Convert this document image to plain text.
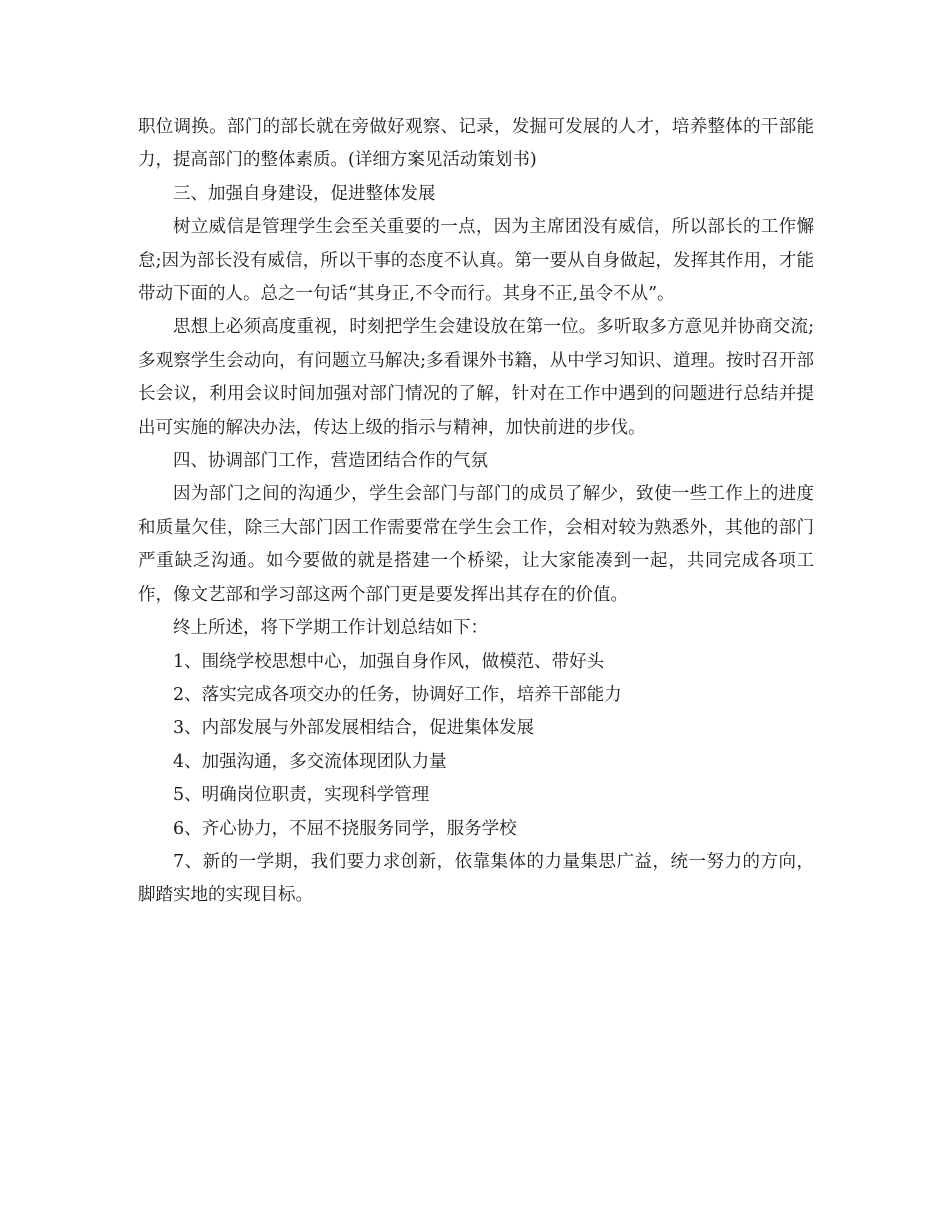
职位调换。部门的部长就在旁做好观察、记录，发掘可发展的人才，培养整体的干部能力，提高部门的整体素质。(详细方案见活动策划书)

三、加强自身建设，促进整体发展

树立威信是管理学生会至关重要的一点，因为主席团没有威信，所以部长的工作懈怠;因为部长没有威信，所以干事的态度不认真。第一要从自身做起，发挥其作用，才能带动下面的人。总之一句话“其身正,不令而行。其身不正,虽令不从”。

思想上必须高度重视，时刻把学生会建设放在第一位。多听取多方意见并协商交流;多观察学生会动向，有问题立马解决;多看课外书籍，从中学习知识、道理。按时召开部长会议，利用会议时间加强对部门情况的了解，针对在工作中遇到的问题进行总结并提出可实施的解决办法，传达上级的指示与精神，加快前进的步伐。

四、协调部门工作，营造团结合作的气氛

因为部门之间的沟通少，学生会部门与部门的成员了解少，致使一些工作上的进度和质量欠佳，除三大部门因工作需要常在学生会工作，会相对较为熟悉外，其他的部门严重缺乏沟通。如今要做的就是搭建一个桥梁，让大家能凑到一起，共同完成各项工作，像文艺部和学习部这两个部门更是要发挥出其存在的价值。

终上所述，将下学期工作计划总结如下：

1、围绕学校思想中心，加强自身作风，做模范、带好头

2、落实完成各项交办的任务，协调好工作，培养干部能力

3、内部发展与外部发展相结合，促进集体发展

4、加强沟通，多交流体现团队力量

5、明确岗位职责，实现科学管理

6、齐心协力，不屈不挠服务同学，服务学校

7、新的一学期，我们要力求创新，依靠集体的力量集思广益，统一努力的方向，脚踏实地的实现目标。
